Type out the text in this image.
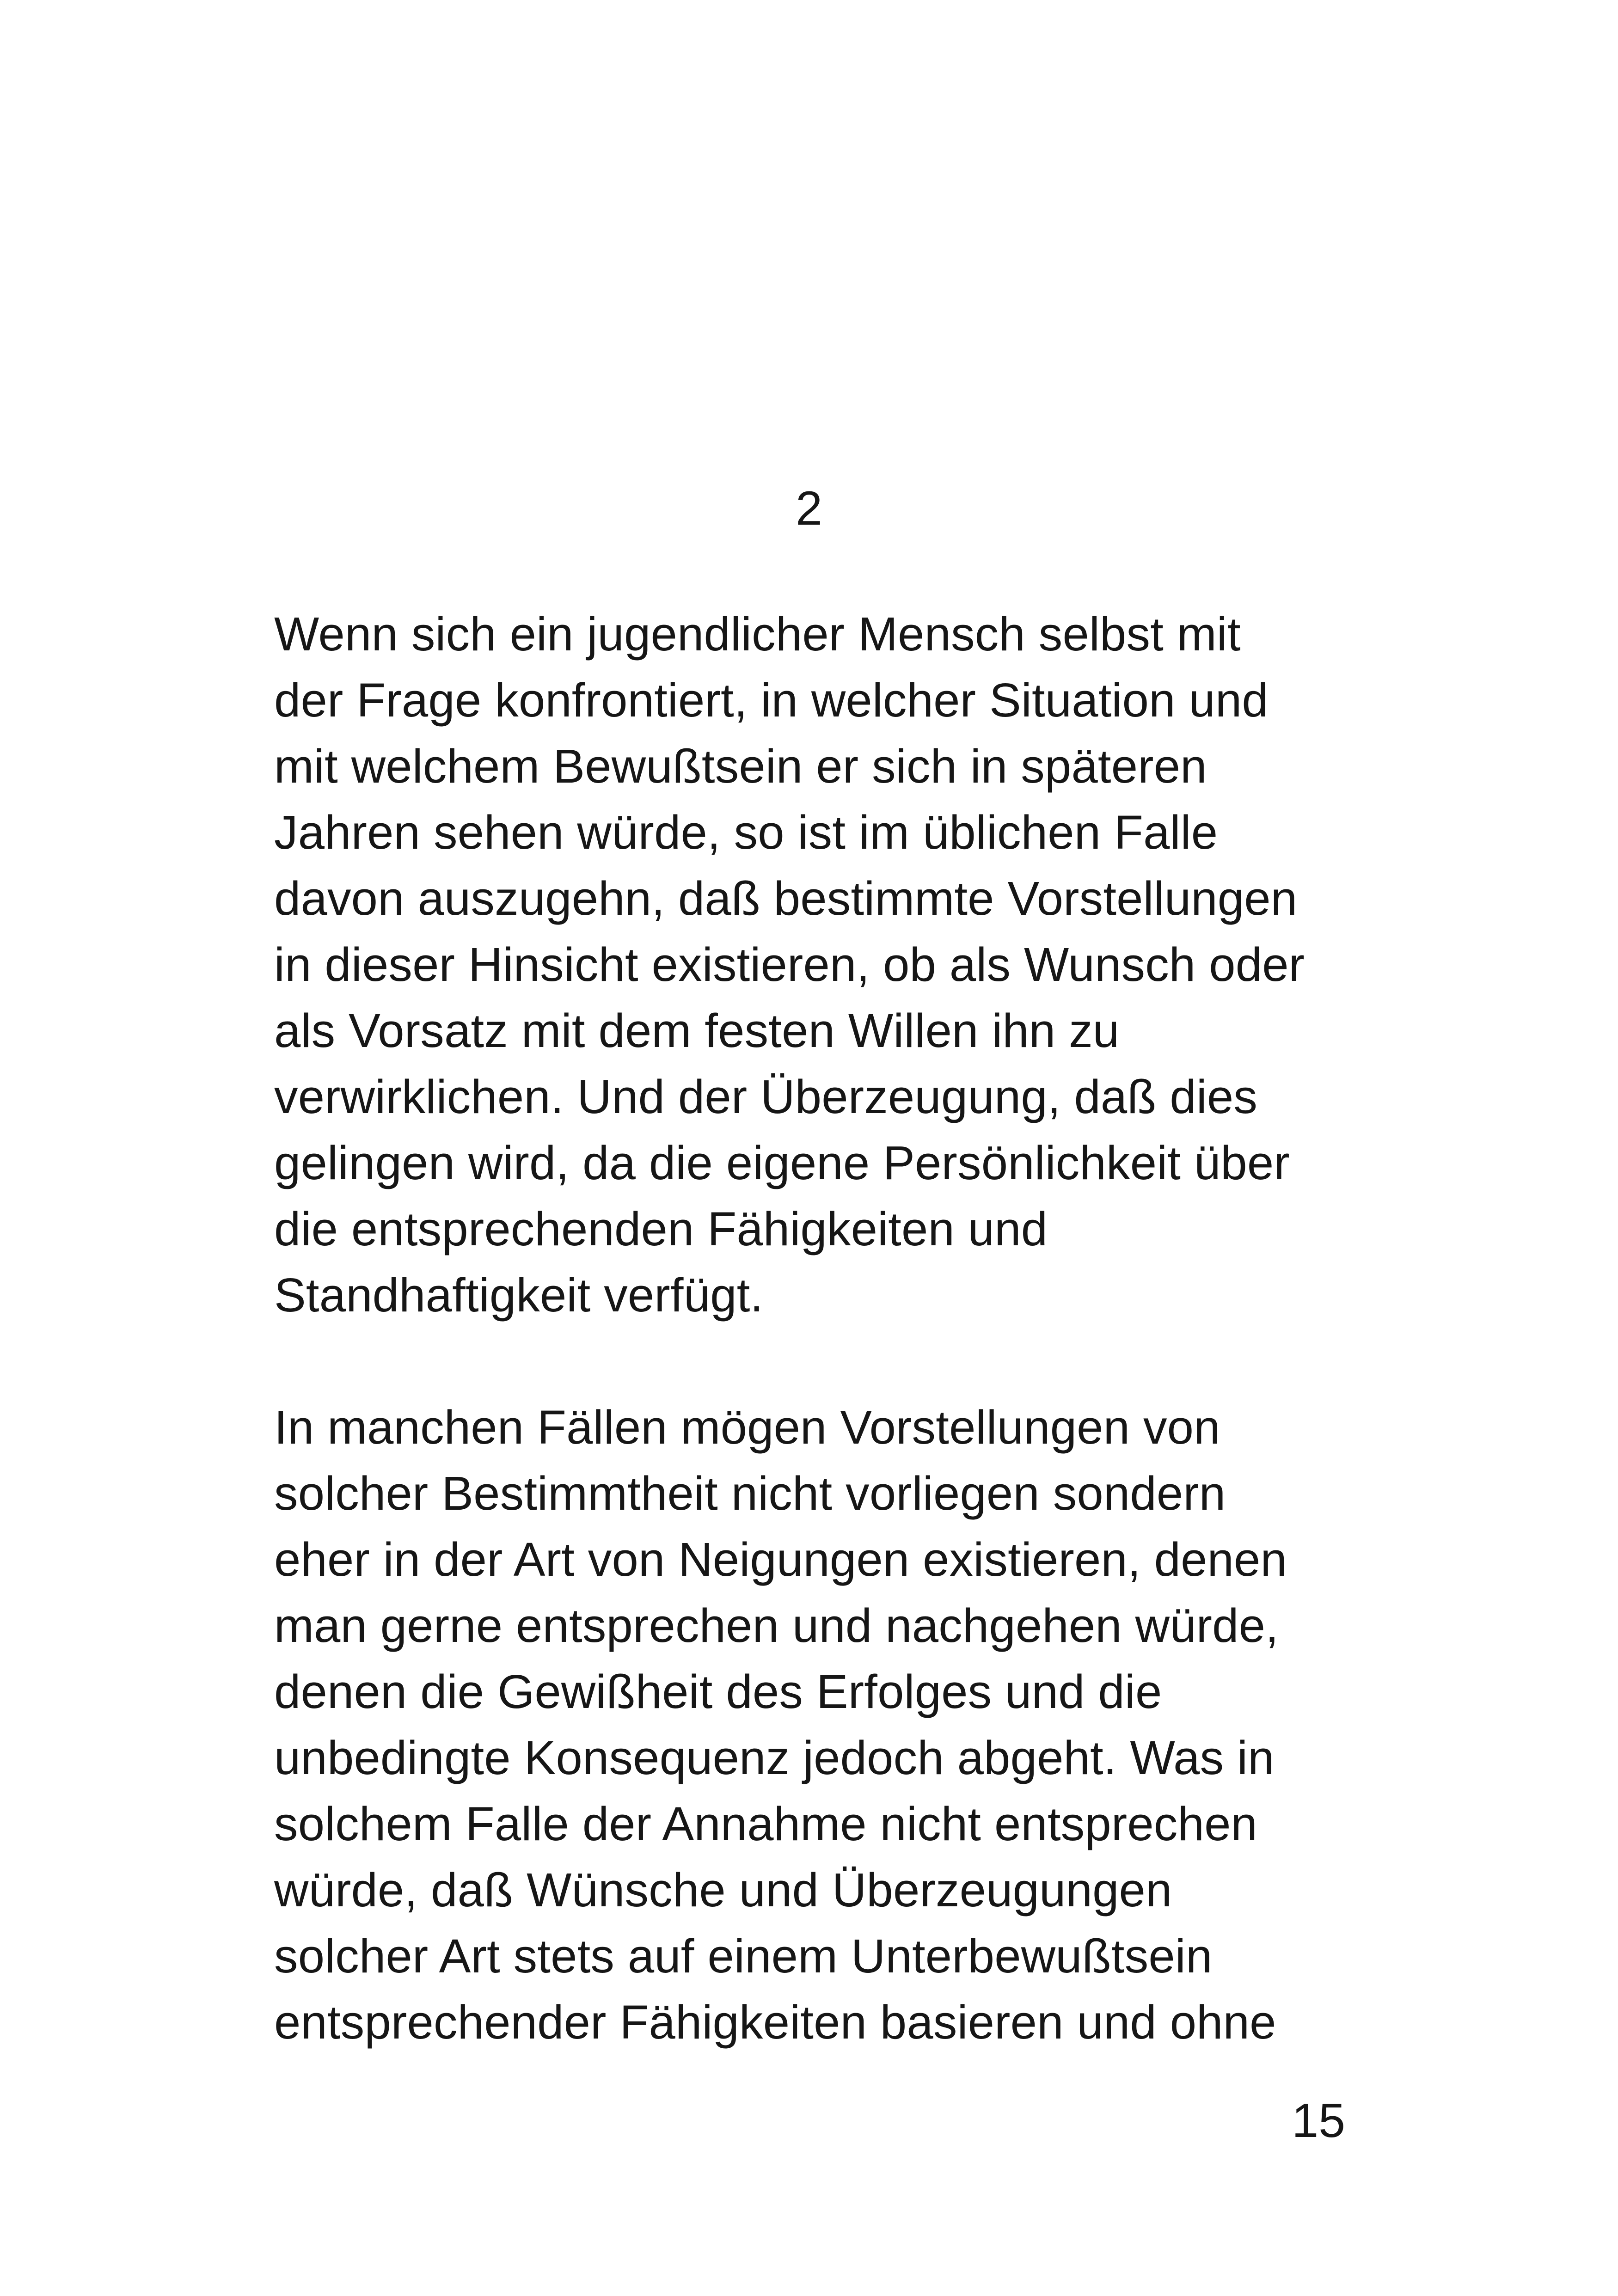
2

Wenn sich ein jugendlicher Mensch selbst mit
der Frage konfrontiert, in welcher Situation und
mit welchem Bewußtsein er sich in späteren
Jahren sehen würde, so ist im üblichen Falle
davon auszugehn, daß bestimmte Vorstellungen
in dieser Hinsicht existieren, ob als Wunsch oder
als Vorsatz mit dem festen Willen ihn zu
verwirklichen. Und der Überzeugung, daß dies
gelingen wird, da die eigene Persönlichkeit über
die entsprechenden Fähigkeiten und
Standhaftigkeit verfügt.

In manchen Fällen mögen Vorstellungen von
solcher Bestimmtheit nicht vorliegen sondern
eher in der Art von Neigungen existieren, denen
man gerne entsprechen und nachgehen würde,
denen die Gewißheit des Erfolges und die
unbedingte Konsequenz jedoch abgeht. Was in
solchem Falle der Annahme nicht entsprechen
würde, daß Wünsche und Überzeugungen
solcher Art stets auf einem Unterbewußtsein
entsprechender Fähigkeiten basieren und ohne

15
